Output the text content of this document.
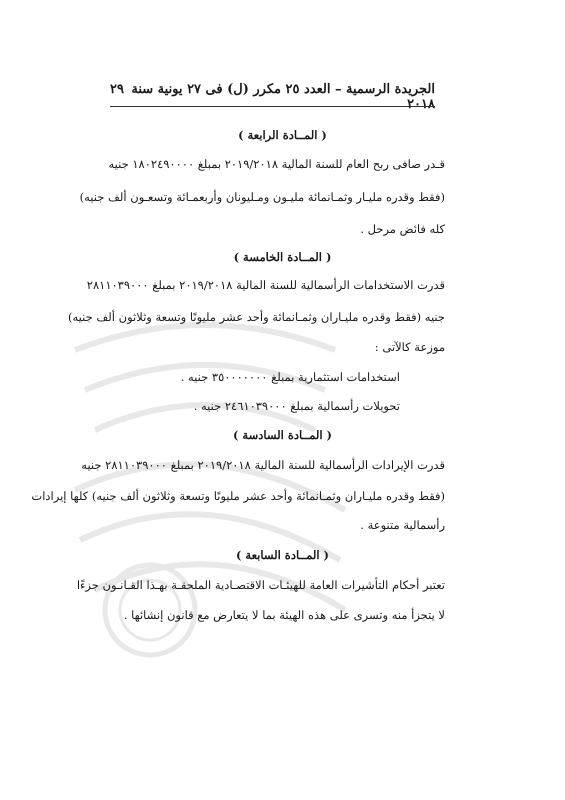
الجريدة الرسمية – العدد ٢٥ مكرر (ل) فى ٢٧ يونية سنة ٢٠١٨
٢٩
( المــادة الرابعة )
قـدر صافى ربح العام للسنة المالية ٢٠١٩/٢٠١٨ بمبلغ ١٨٠٢٤٩٠٠٠٠ جنيه
(فقط وقدره مليـار وثمـانمائة مليـون ومـليونان وأربعمـائة وتسعـون ألف جنيه)
كله فائض مرحل .
( المــادة الخامسة )
قدرت الاستخدامات الرأسمالية للسنة المالية ٢٠١٩/٢٠١٨ بمبلغ ٢٨١١٠٣٩٠٠٠
جنيه (فقط وقدره مليـاران وثمـانمائة وأحد عشر مليونًا وتسعة وثلاثون ألف جنيه)
موزعة كالآتى :
استخدامات استثمارية بمبلغ ٣٥٠٠٠٠٠٠٠ جنيه .
تحويلات رأسمالية بمبلغ ٢٤٦١٠٣٩٠٠٠ جنيه .
( المــادة السادسة )
قدرت الإيرادات الرأسمالية للسنة المالية ٢٠١٩/٢٠١٨ بمبلغ ٢٨١١٠٣٩٠٠٠ جنيه
(فقط وقدره مليـاران وثمـانمائة وأحد عشر مليونًا وتسعة وثلاثون ألف جنيه) كلها إيرادات
رأسمالية متنوعة .
( المــادة السابعة )
تعتبر أحكام التأشيرات العامة للهيئـات الاقتصـادية الملحقـة بهـذا القـانـون جزءًا
لا يتجزأ منه وتسرى على هذه الهيئة بما لا يتعارض مع قانون إنشائها .
